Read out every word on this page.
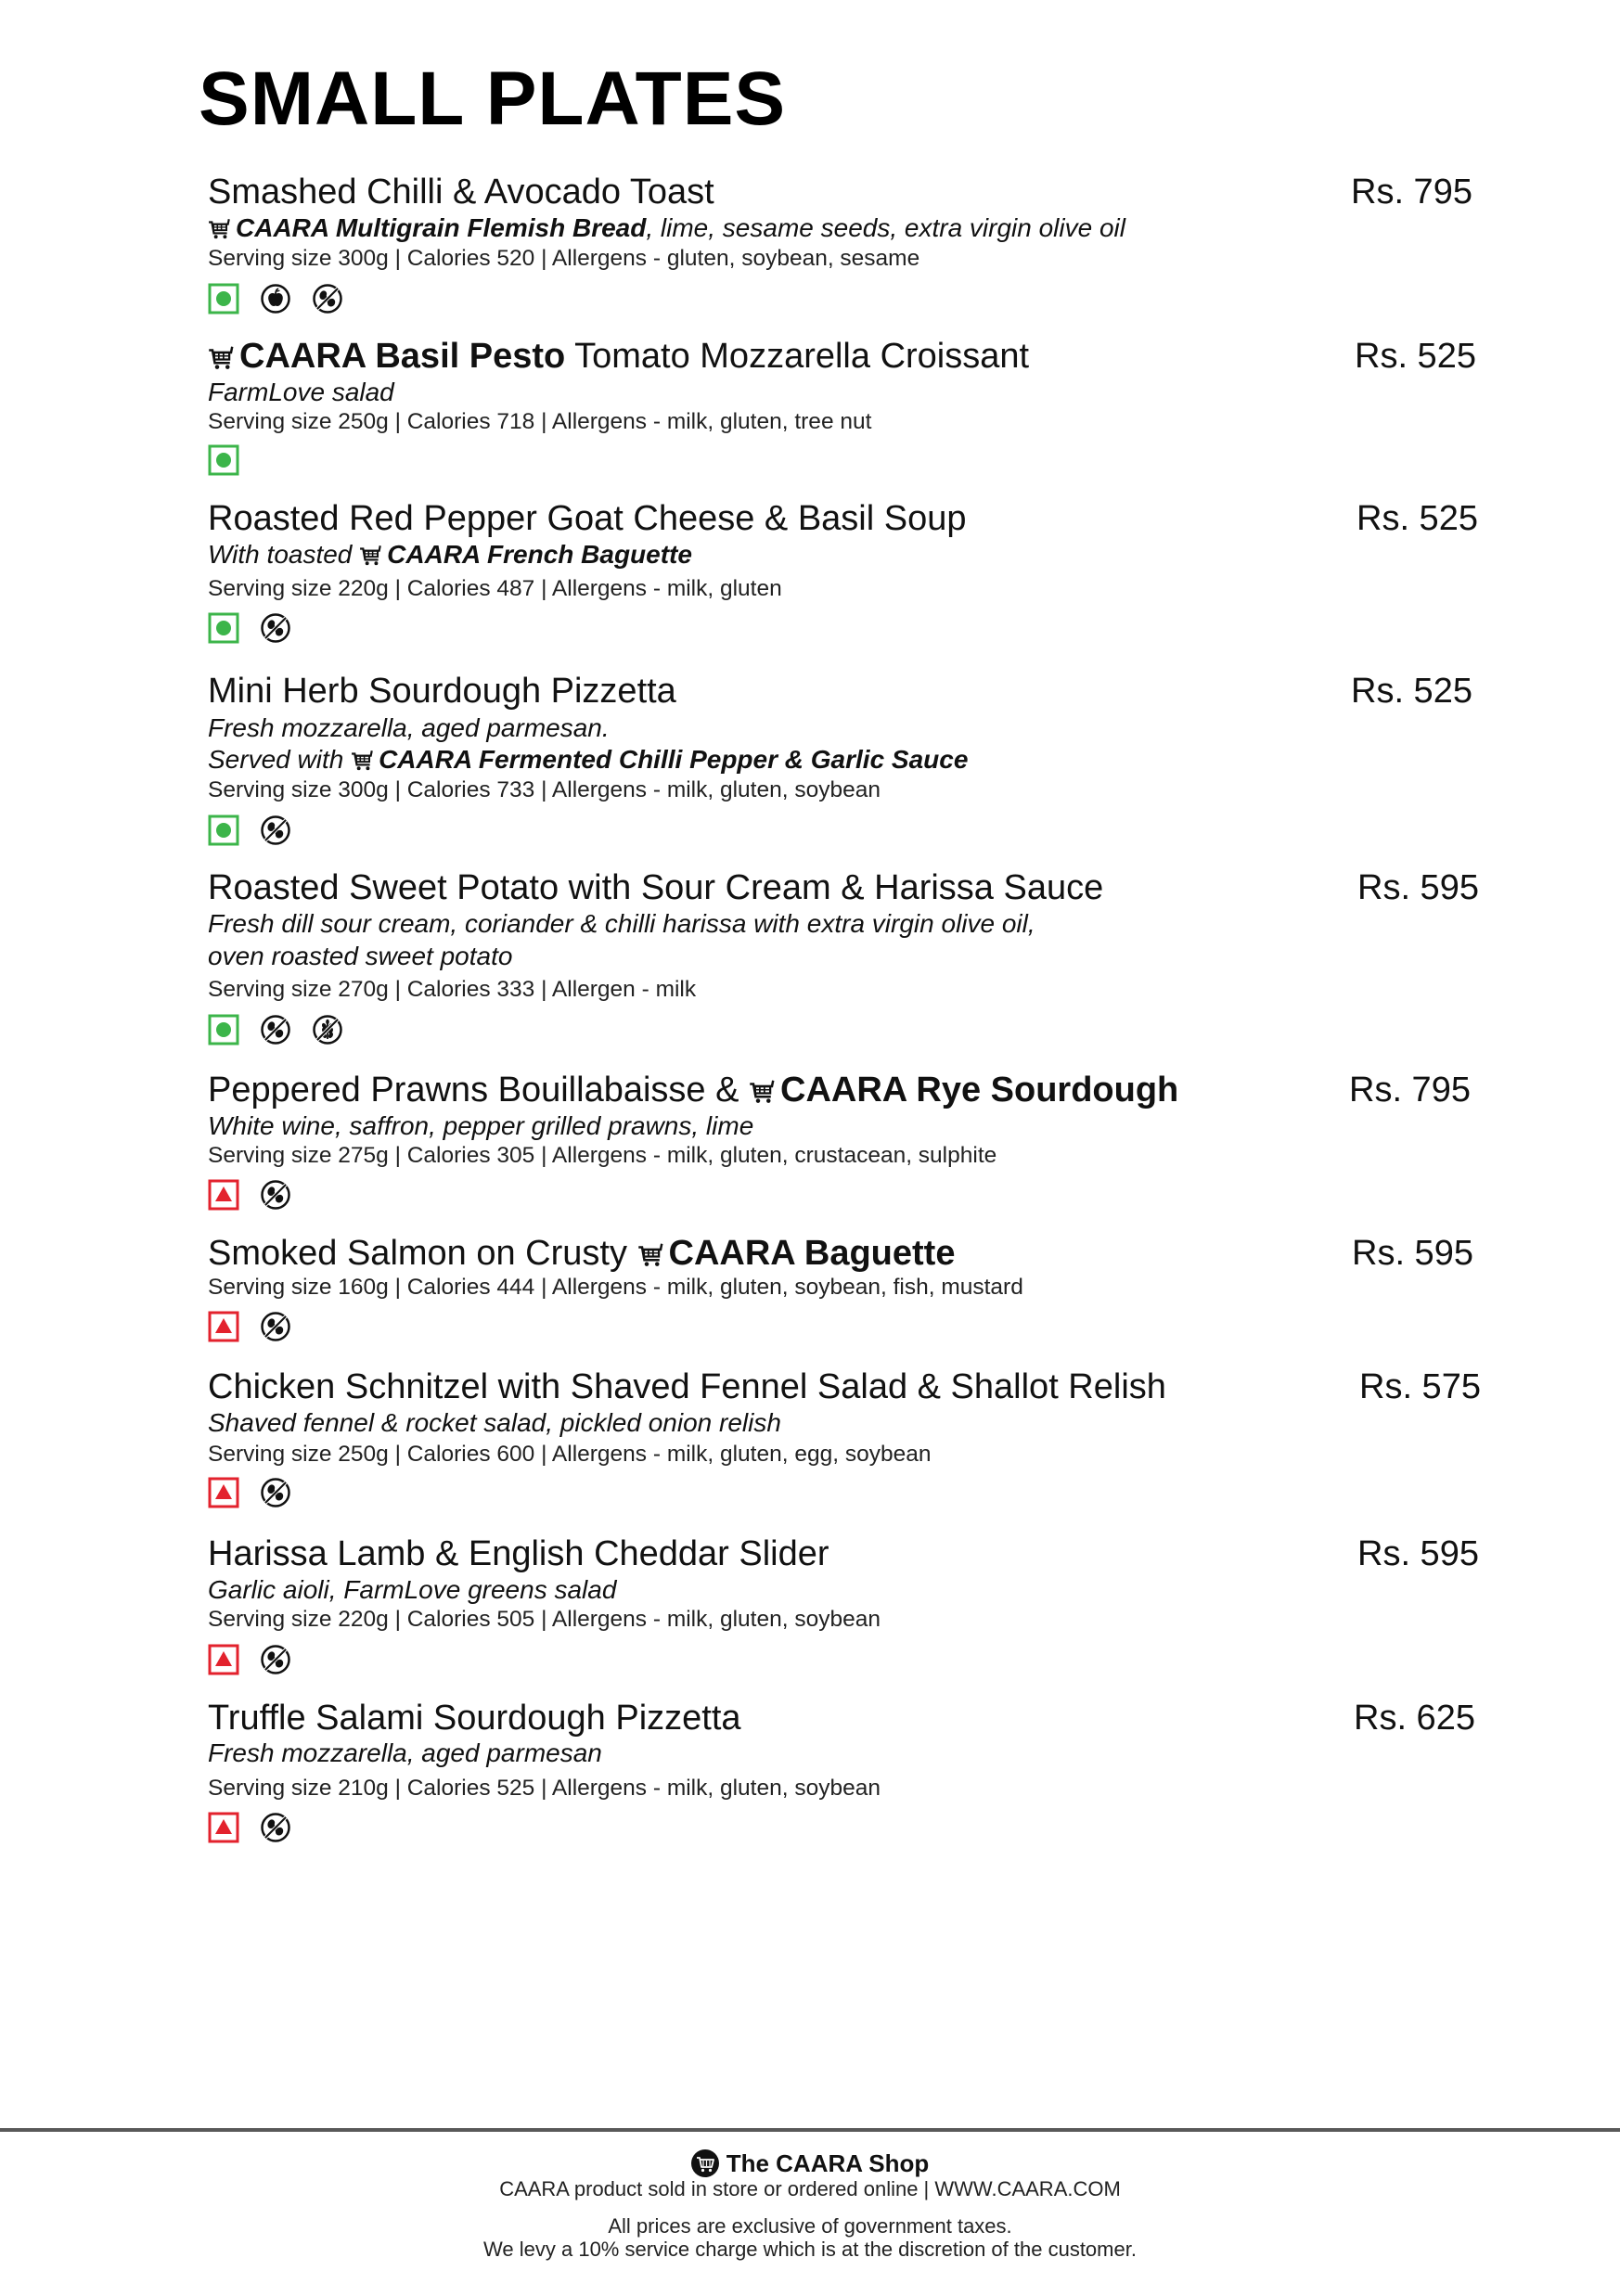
SMALL PLATES
Smashed Chilli & Avocado Toast	Rs. 795
CAARA Multigrain Flemish Bread, lime, sesame seeds, extra virgin olive oil
Serving size 300g | Calories 520 | Allergens - gluten, soybean, sesame
CAARA Basil Pesto Tomato Mozzarella Croissant	Rs. 525
FarmLove salad
Serving size 250g | Calories 718 | Allergens - milk, gluten, tree nut
Roasted Red Pepper Goat Cheese & Basil Soup	Rs. 525
With toasted CAARA French Baguette
Serving size 220g | Calories 487 | Allergens - milk, gluten
Mini Herb Sourdough Pizzetta	Rs. 525
Fresh mozzarella, aged parmesan.
Served with CAARA Fermented Chilli Pepper & Garlic Sauce
Serving size 300g | Calories 733 | Allergens - milk, gluten, soybean
Roasted Sweet Potato with Sour Cream & Harissa Sauce	Rs. 595
Fresh dill sour cream, coriander & chilli harissa with extra virgin olive oil,
oven roasted sweet potato
Serving size 270g | Calories 333 | Allergen - milk
Peppered Prawns Bouillabaisse & CAARA Rye Sourdough	Rs. 795
White wine, saffron, pepper grilled prawns, lime
Serving size 275g | Calories 305 | Allergens - milk, gluten, crustacean, sulphite
Smoked Salmon on Crusty CAARA Baguette	Rs. 595
Serving size 160g | Calories 444 | Allergens - milk, gluten, soybean, fish, mustard
Chicken Schnitzel with Shaved Fennel Salad & Shallot Relish	Rs. 575
Shaved fennel & rocket salad, pickled onion relish
Serving size 250g | Calories 600 | Allergens - milk, gluten, egg, soybean
Harissa Lamb & English Cheddar Slider	Rs. 595
Garlic aioli, FarmLove greens salad
Serving size 220g | Calories 505 | Allergens - milk, gluten, soybean
Truffle Salami Sourdough Pizzetta	Rs. 625
Fresh mozzarella, aged parmesan
Serving size 210g | Calories 525 | Allergens - milk, gluten, soybean
The CAARA Shop
CAARA product sold in store or ordered online | WWW.CAARA.COM
All prices are exclusive of government taxes.
We levy a 10% service charge which is at the discretion of the customer.
